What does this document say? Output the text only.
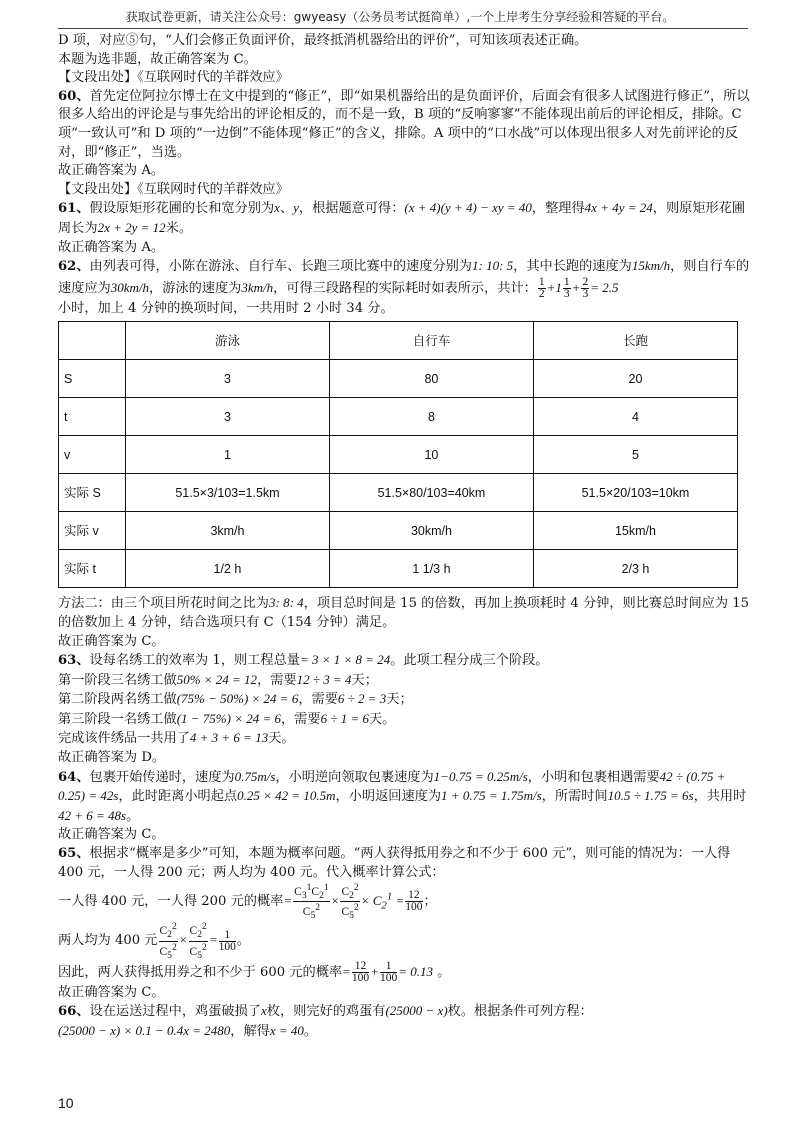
获取试卷更新，请关注公众号：gwyeasy（公务员考试挺简单）,一个上岸考生分享经验和答疑的平台。

D 项，对应⑤句，“人们会修正负面评价，最终抵消机器给出的评价”，可知该项表述正确。

本题为选非题，故正确答案为 C。

【文段出处】《互联网时代的羊群效应》

60、首先定位阿拉尔博士在文中提到的“修正”，即“如果机器给出的是负面评价，后面会有很多人试图进行修正”，所以很多人给出的评论是与事先给出的评论相反的，而不是一致，B 项的“反响寥寥”不能体现出前后的评论相反，排除。C 项“一致认可”和 D 项的“一边倒”不能体现“修正”的含义，排除。A 项中的“口水战”可以体现出很多人对先前评论的反对，即“修正”，当选。

故正确答案为 A。

【文段出处】《互联网时代的羊群效应》

61、假设原矩形花圃的长和宽分别为x、y，根据题意可得：(x + 4)(y + 4) − xy = 40，整理得4x + 4y = 24，则原矩形花圃周长为2x + 2y = 12米。

故正确答案为 A。

62、由列表可得，小陈在游泳、自行车、长跑三项比赛中的速度分别为1: 10: 5，其中长跑的速度为15km/h，则自行车的速度应为30km/h，游泳的速度为3km/h，可得三段路程的实际耗时如表所示，共计： $\frac{1}{2} +1 \frac{1}{3} + \frac{2}{3} = 2.5$
小时，加上 4 分钟的换项时间，一共用时 2 小时 34 分。

	游泳	自行车	长跑
S	3	80	20
t	3	8	4
v	1	10	5
实际 S	51.5×3/103=1.5km	51.5×80/103=40km	51.5×20/103=10km
实际 v	3km/h	30km/h	15km/h
实际 t	1/2 h	1 1/3 h	2/3 h

方法二：由三个项目所花时间之比为3: 8: 4，项目总时间是 15 的倍数，再加上换项耗时 4 分钟，则比赛总时间应为 15 的倍数加上 4 分钟，结合选项只有 C（154 分钟）满足。

故正确答案为 C。

63、设每名绣工的效率为 1，则工程总量= 3 × 1 × 8 = 24。此项工程分成三个阶段。

第一阶段三名绣工做50% × 24 = 12，需要12 ÷ 3 = 4天；

第二阶段两名绣工做(75% − 50%) × 24 = 6，需要6 ÷ 2 = 3天；

第三阶段一名绣工做(1 − 75%) × 24 = 6，需要6 ÷ 1 = 6天。

完成该件绣品一共用了4 + 3 + 6 = 13天。

故正确答案为 D。

64、包裹开始传递时，速度为0.75m/s，小明逆向领取包裹速度为1−0.75 = 0.25m/s，小明和包裹相遇需要42 ÷ (0.75 + 0.25) = 42s，此时距离小明起点0.25 × 42 = 10.5m，小明返回速度为1 + 0.75 = 1.75m/s，所需时间10.5 ÷ 1.75 = 6s，共用时42 + 6 = 48s。

故正确答案为 C。

65、根据求“概率是多少”可知，本题为概率问题。“两人获得抵用券之和不少于 600 元”，则可能的情况为：一人得 400 元，一人得 200 元；两人均为 400 元。代入概率计算公式：

一人得 400 元，一人得 200 元的概率= $\frac{C_3^1C_2^1}{C_5^2} \times \frac{C_2^2}{C_5^2} \times C_2^1 = \frac{12}{100}$ ；

两人均为 400 元 $\frac{C_2^2}{C_5^2} \times \frac{C_2^2}{C_5^2} = \frac{1}{100}$ 。

因此，两人获得抵用券之和不少于 600 元的概率= $\frac{12}{100} + \frac{1}{100} = 0.13$ 。

故正确答案为 C。

66、设在运送过程中，鸡蛋破损了x枚，则完好的鸡蛋有(25000 − x)枚。根据条件可列方程：

(25000 − x) × 0.1 − 0.4x = 2480，解得x = 40。

10
